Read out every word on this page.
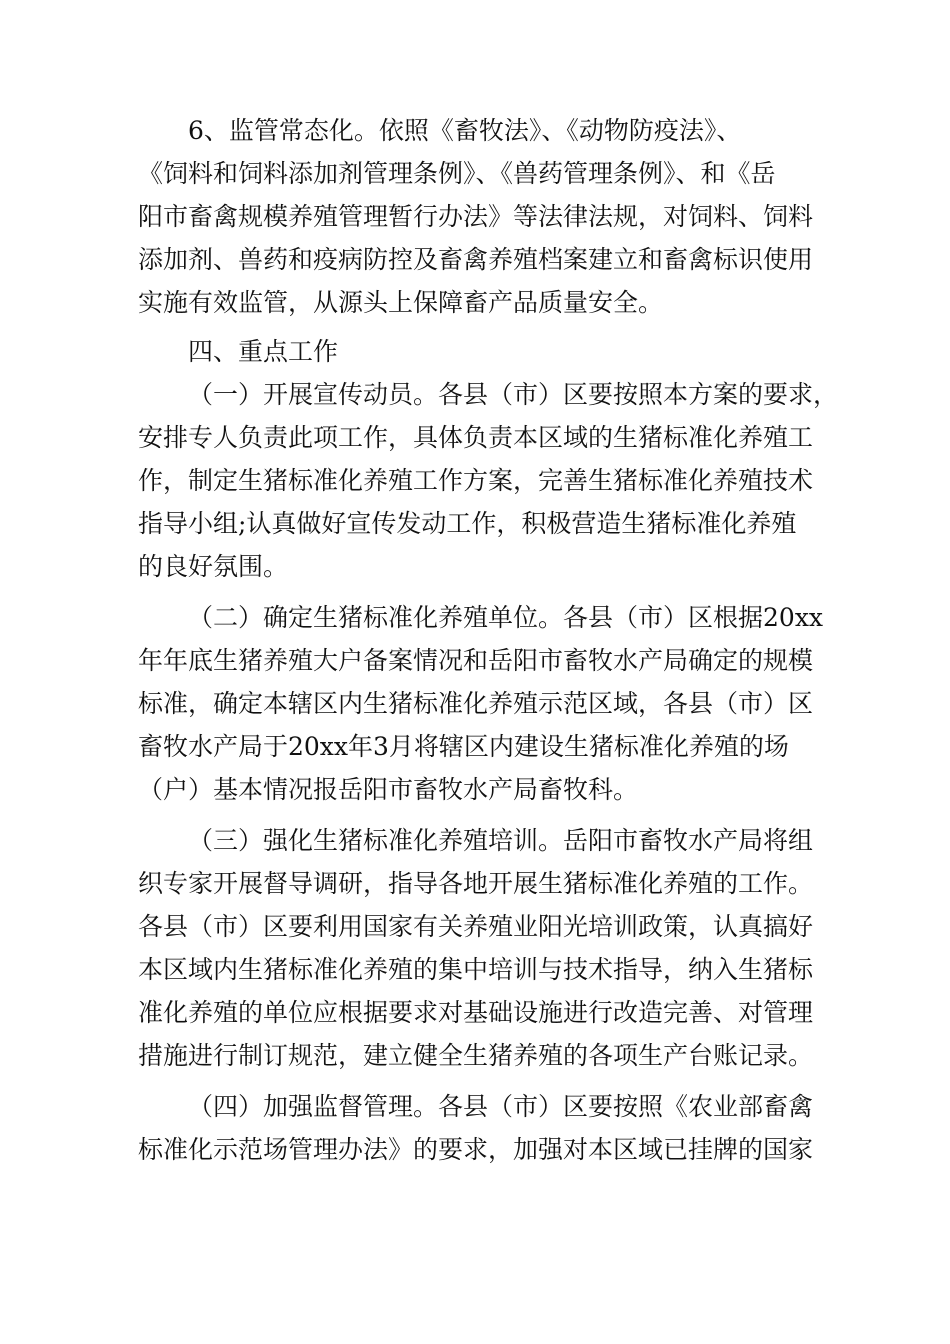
6、监管常态化。依照《畜牧法》、《动物防疫法》、
《饲料和饲料添加剂管理条例》、《兽药管理条例》、和《岳
阳市畜禽规模养殖管理暂行办法》等法律法规，对饲料、饲料
添加剂、兽药和疫病防控及畜禽养殖档案建立和畜禽标识使用
实施有效监管，从源头上保障畜产品质量安全。
四、重点工作
（一）开展宣传动员。各县（市）区要按照本方案的要求，
安排专人负责此项工作，具体负责本区域的生猪标准化养殖工
作，制定生猪标准化养殖工作方案，完善生猪标准化养殖技术
指导小组;认真做好宣传发动工作，积极营造生猪标准化养殖
的良好氛围。
（二）确定生猪标准化养殖单位。各县（市）区根据20xx
年年底生猪养殖大户备案情况和岳阳市畜牧水产局确定的规模
标准，确定本辖区内生猪标准化养殖示范区域，各县（市）区
畜牧水产局于20xx年3月将辖区内建设生猪标准化养殖的场
（户）基本情况报岳阳市畜牧水产局畜牧科。
（三）强化生猪标准化养殖培训。岳阳市畜牧水产局将组
织专家开展督导调研，指导各地开展生猪标准化养殖的工作。
各县（市）区要利用国家有关养殖业阳光培训政策，认真搞好
本区域内生猪标准化养殖的集中培训与技术指导，纳入生猪标
准化养殖的单位应根据要求对基础设施进行改造完善、对管理
措施进行制订规范，建立健全生猪养殖的各项生产台账记录。
（四）加强监督管理。各县（市）区要按照《农业部畜禽
标准化示范场管理办法》的要求，加强对本区域已挂牌的国家
